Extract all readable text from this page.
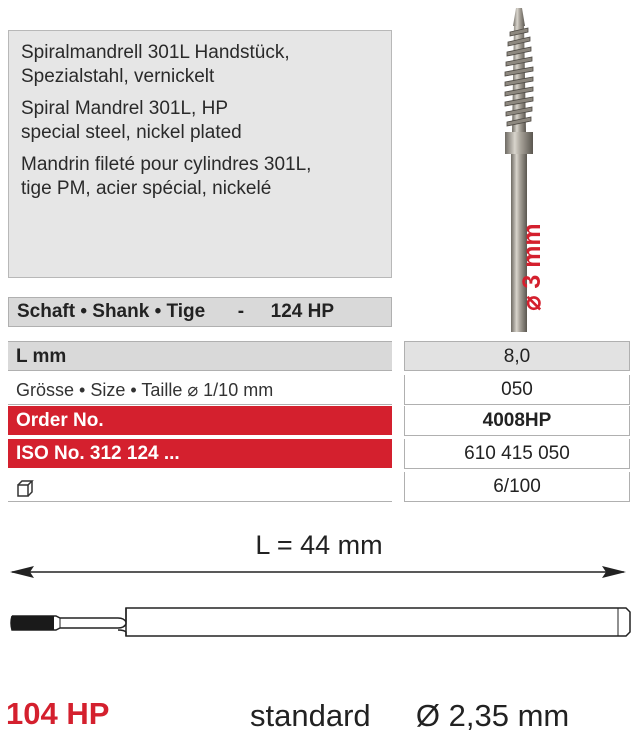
Spiralmandrell 301L Handstück,
Spezialstahl, vernickelt
Spiral Mandrel 301L, HP
special steel, nickel plated
Mandrin fileté pour cylindres 301L,
tige PM, acier spécial, nickelé
Schaft • Shank • Tige - 124 HP
⌀ 3 mm
L mm
Grösse • Size • Taille ⌀ 1/10 mm
Order No.
ISO No. 312 124 ...
8,0
050
4008HP
610 415 050
6/100
L = 44 mm
104 HP	standard Ø 2,35 mm
